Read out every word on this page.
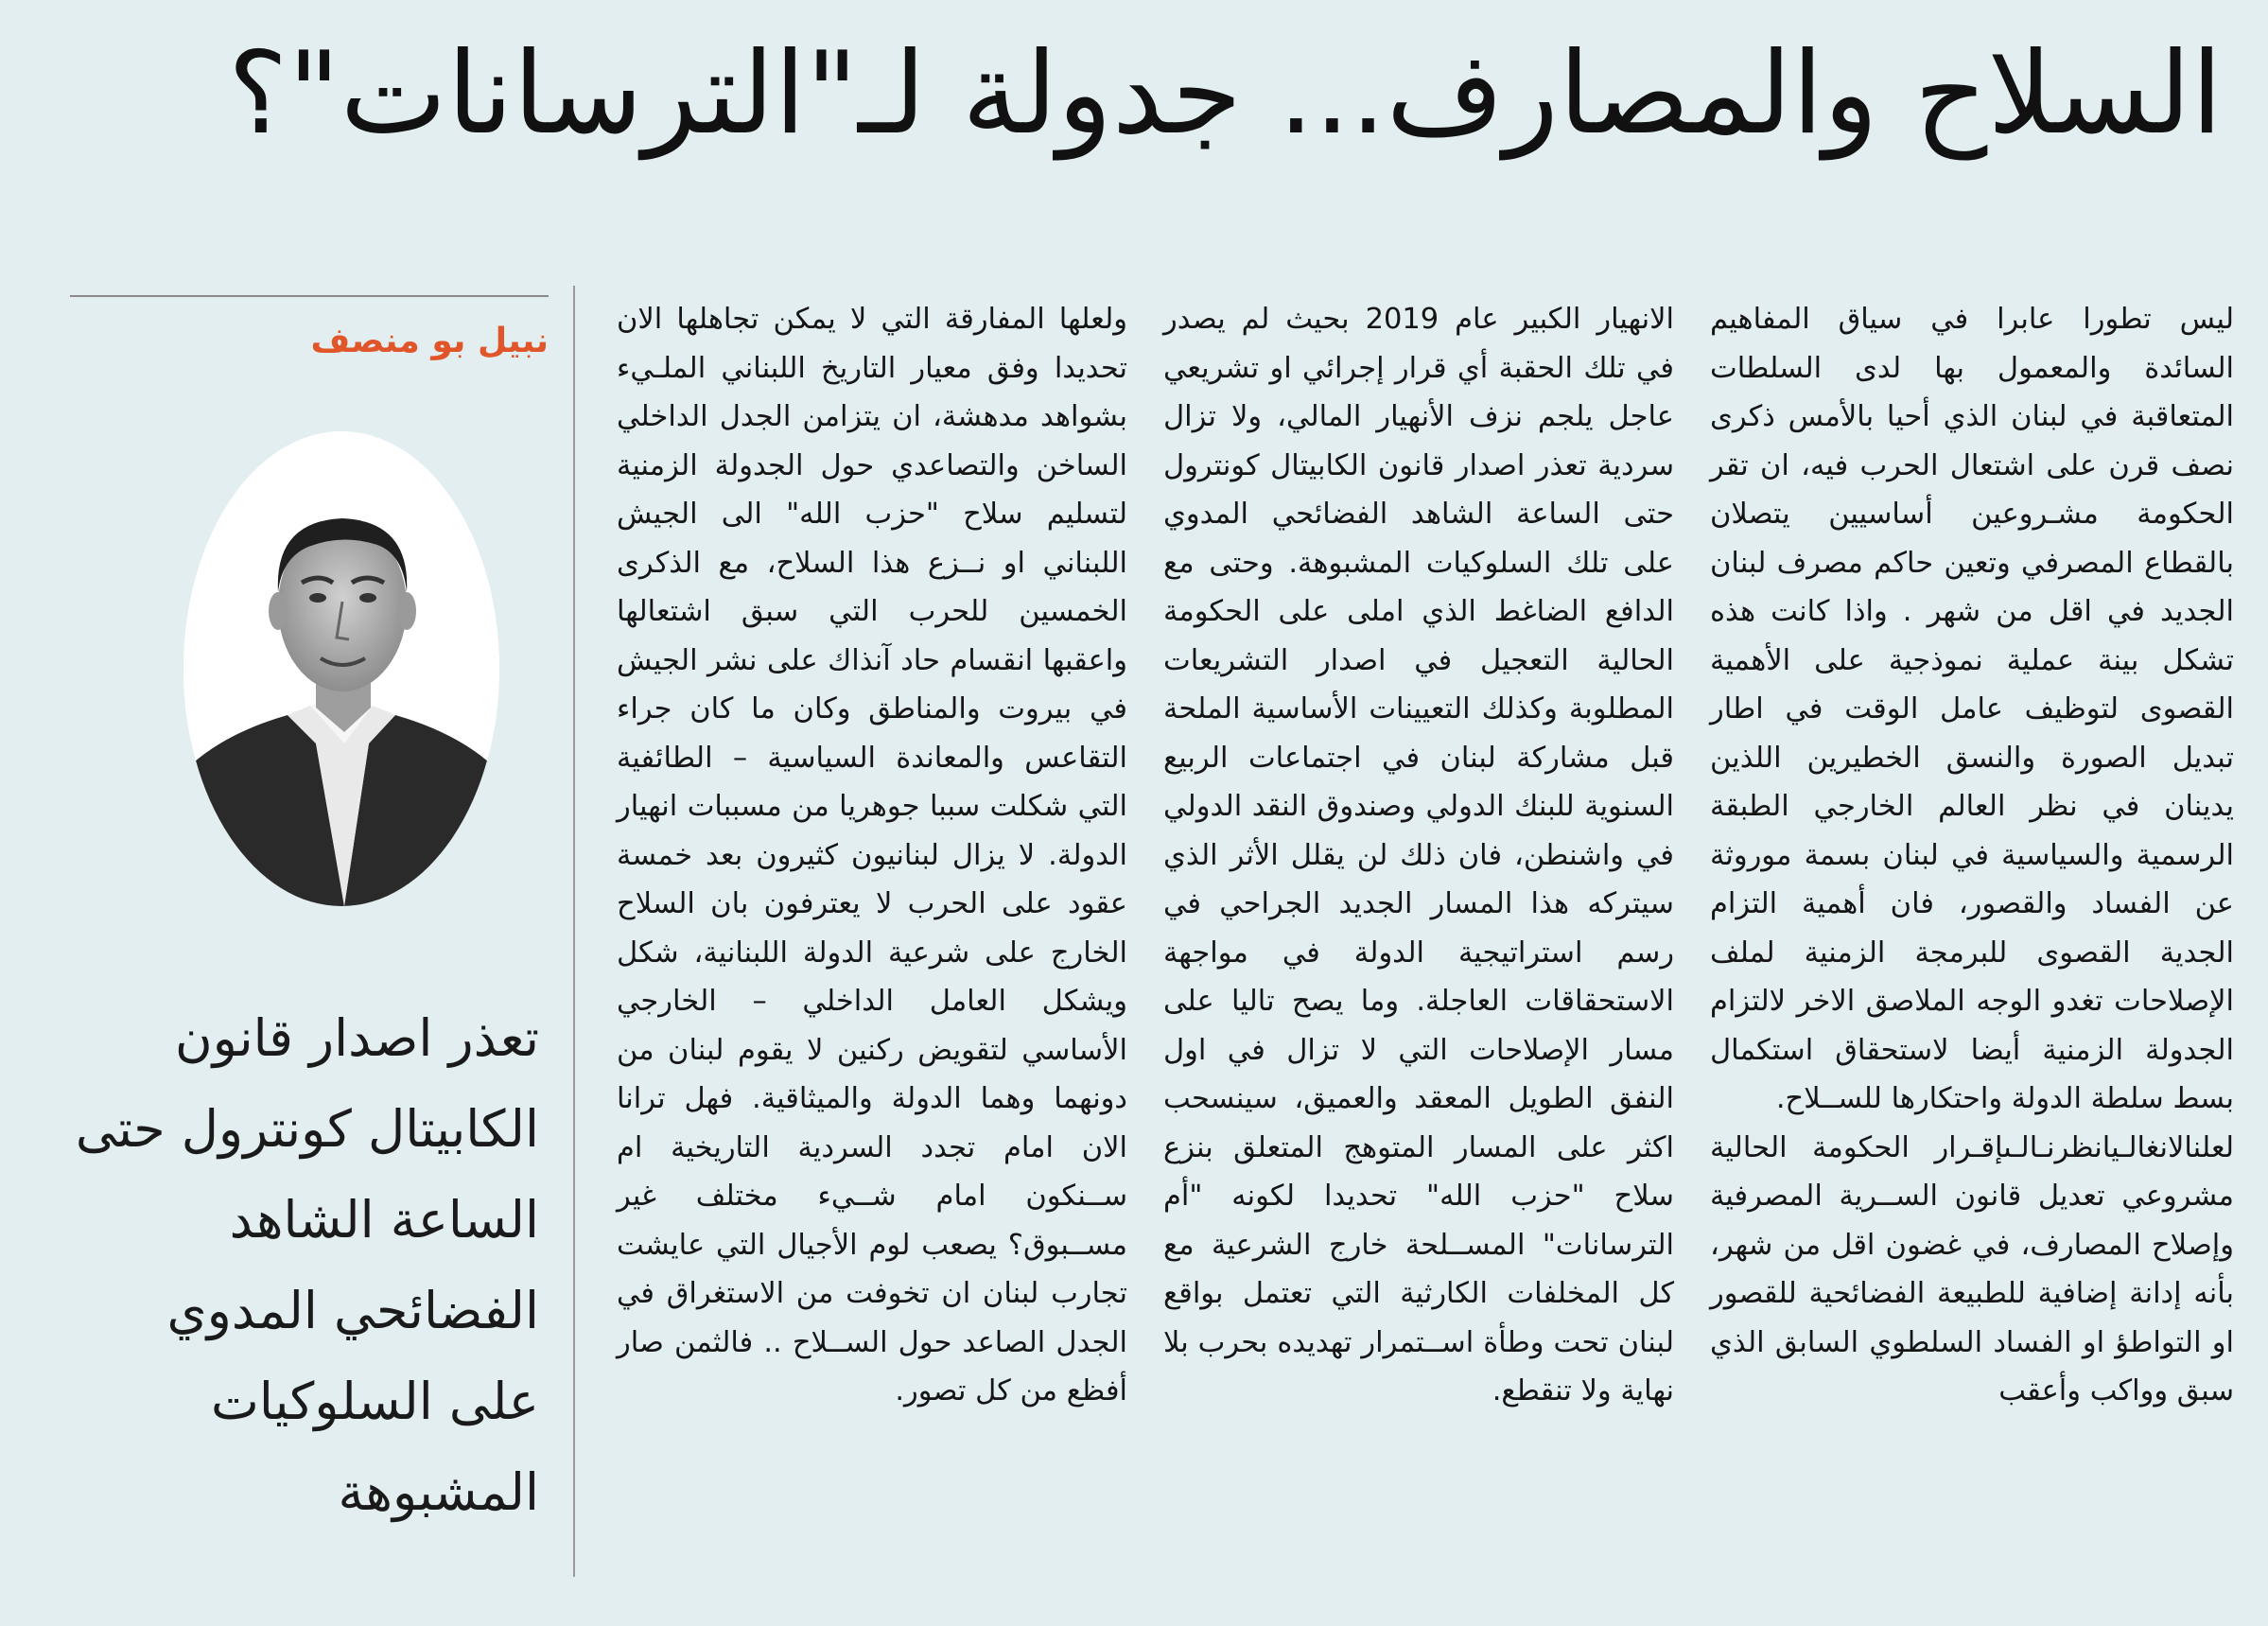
السلاح والمصارف... جدولة لـ"الترسانات"؟

ليس تطورا عابرا في سياق المفاهيم السائدة والمعمول بها لدى السلطات المتعاقبة في لبنان الذي أحيا بالأمس ذكرى نصف قرن على اشتعال الحرب فيه، ان تقر الحكومة مشـروعين أساسيين يتصلان بالقطاع المصرفي وتعين حاكم مصرف لبنان الجديد في اقل من شهر . واذا كانت هذه تشكل بينة عملية نموذجية على الأهمية القصوى لتوظيف عامل الوقت في اطار تبديل الصورة والنسق الخطيرين اللذين يدينان في نظر العالم الخارجي الطبقة الرسمية والسياسية في لبنان بسمة موروثة عن الفساد والقصور، فان أهمية التزام الجدية القصوى للبرمجة الزمنية لملف الإصلاحات تغدو الوجه الملاصق الاخر لالتزام الجدولة الزمنية أيضا لاستحقاق استكمال بسط سلطة الدولة واحتكارها للســلاح.

لعلنالانغالـيانظرنـالـىإقـرار الحكومة الحالية مشروعي تعديل قانون الســرية المصرفية وإصلاح المصارف، في غضون اقل من شهر، بأنه إدانة إضافية للطبيعة الفضائحية للقصور او التواطؤ او الفساد السلطوي السابق الذي سبق وواكب وأعقب

الانهيار الكبير عام 2019 بحيث لم يصدر في تلك الحقبة أي قرار إجرائي او تشريعي عاجل يلجم نزف الأنهيار المالي، ولا تزال سردية تعذر اصدار قانون الكابيتال كونترول حتى الساعة الشاهد الفضائحي المدوي على تلك السلوكيات المشبوهة. وحتى مع الدافع الضاغط الذي املى على الحكومة الحالية التعجيل في اصدار التشريعات المطلوبة وكذلك التعيينات الأساسية الملحة قبل مشاركة لبنان في اجتماعات الربيع السنوية للبنك الدولي وصندوق النقد الدولي في واشنطن، فان ذلك لن يقلل الأثر الذي سيتركه هذا المسار الجديد الجراحي في رسم استراتيجية الدولة في مواجهة الاستحقاقات العاجلة. وما يصح تاليا على مسار الإصلاحات التي لا تزال في اول النفق الطويل المعقد والعميق، سينسحب اكثر على المسار المتوهج المتعلق بنزع سلاح "حزب الله" تحديدا لكونه "أم الترسانات" المســلحة خارج الشرعية مع كل المخلفات الكارثية التي تعتمل بواقع لبنان تحت وطأة اســتمرار تهديده بحرب بلا نهاية ولا تنقطع.

ولعلها المفارقة التي لا يمكن تجاهلها الان تحديدا وفق معيار التاريخ اللبناني الملـيء بشواهد مدهشة، ان يتزامن الجدل الداخلي الساخن والتصاعدي حول الجدولة الزمنية لتسليم سلاح "حزب الله" الى الجيش اللبناني او نــزع هذا السلاح، مع الذكرى الخمسين للحرب التي سبق اشتعالها واعقبها انقسام حاد آنذاك على نشر الجيش في بيروت والمناطق وكان ما كان جراء التقاعس والمعاندة السياسية – الطائفية التي شكلت سببا جوهريا من مسببات انهيار الدولة. لا يزال لبنانيون كثيرون بعد خمسة عقود على الحرب لا يعترفون بان السلاح الخارج على شرعية الدولة اللبنانية، شكل ويشكل العامل الداخلي – الخارجي الأساسي لتقويض ركنين لا يقوم لبنان من دونهما وهما الدولة والميثاقية. فهل ترانا الان امام تجدد السردية التاريخية ام ســنكون امام شــيء مختلف غير مســبوق؟ يصعب لوم الأجيال التي عايشت تجارب لبنان ان تخوفت من الاستغراق في الجدل الصاعد حول الســلاح .. فالثمن صار أفظع من كل تصور.

نبيل بو منصف
تعذر اصدار قانون الكابيتال كونترول حتى الساعة الشاهد الفضائحي المدوي على السلوكيات المشبوهة
